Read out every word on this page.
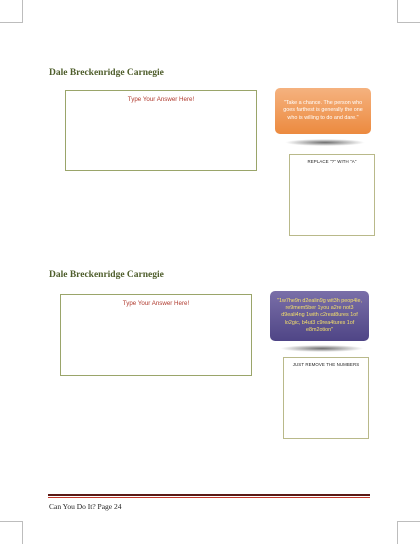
Dale Breckenridge Carnegie
Type Your Answer Here!
"Take a chance. The person who goes farthest is generally the one who is willing to do and dare."
REPLACE "?" WITH "A"
Dale Breckenridge Carnegie
Type Your Answer Here!	"1w7he9n d2ealin9g wit3h peop4le, re9mem5ber 1you a2re not3 d9eali4ng 1with c2reat8ures 1of lo2gic, b4ut3 c9rea4tures 1of e8m2otion"
JUST REMOVE THE NUMBERS
Can You Do It? Page 24
